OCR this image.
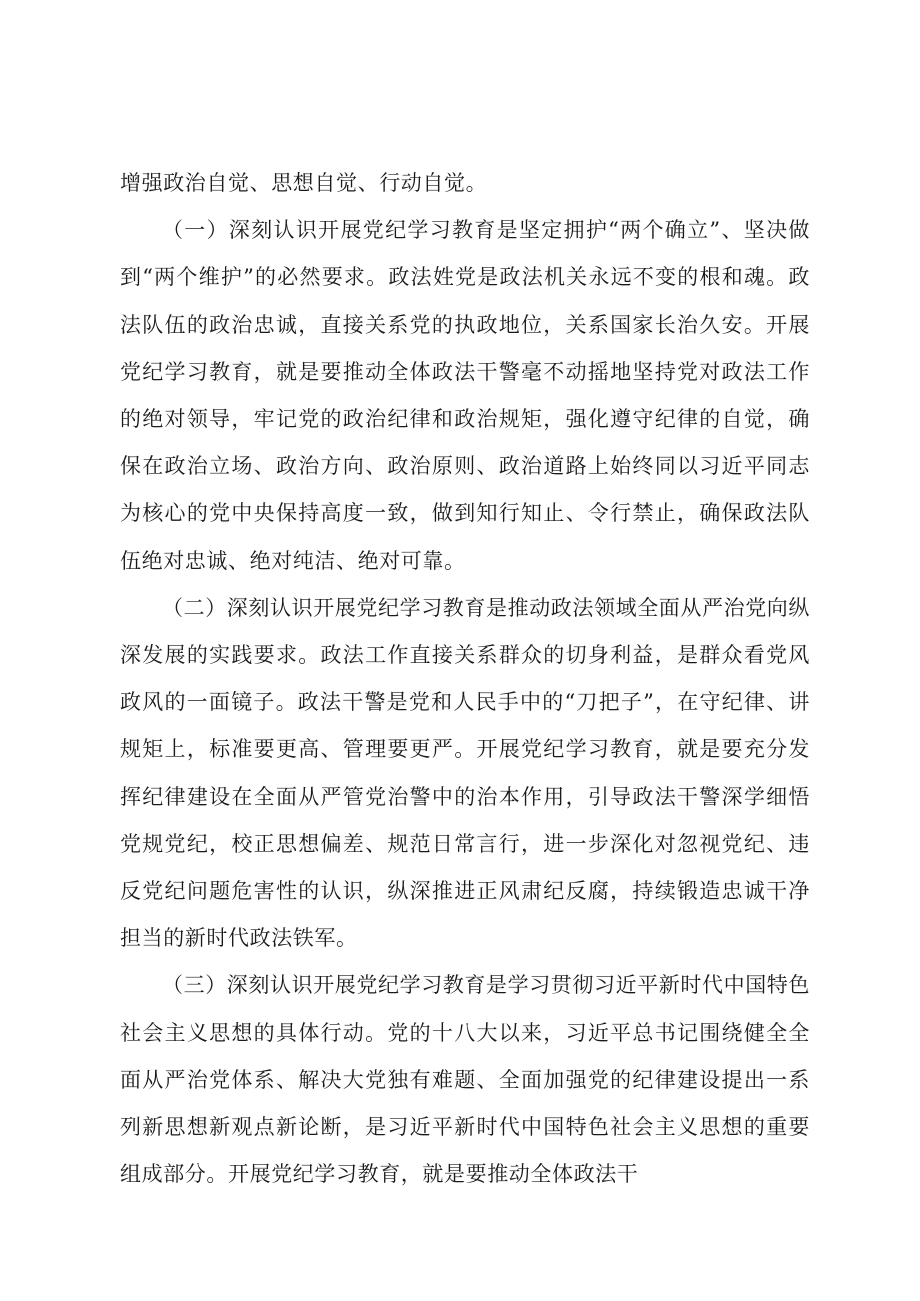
增强政治自觉、思想自觉、行动自觉。

（一）深刻认识开展党纪学习教育是坚定拥护“两个确立”、坚决做到“两个维护”的必然要求。政法姓党是政法机关永远不变的根和魂。政法队伍的政治忠诚，直接关系党的执政地位，关系国家长治久安。开展党纪学习教育，就是要推动全体政法干警毫不动摇地坚持党对政法工作的绝对领导，牢记党的政治纪律和政治规矩，强化遵守纪律的自觉，确保在政治立场、政治方向、政治原则、政治道路上始终同以习近平同志为核心的党中央保持高度一致，做到知行知止、令行禁止，确保政法队伍绝对忠诚、绝对纯洁、绝对可靠。

（二）深刻认识开展党纪学习教育是推动政法领域全面从严治党向纵深发展的实践要求。政法工作直接关系群众的切身利益，是群众看党风政风的一面镜子。政法干警是党和人民手中的“刀把子”，在守纪律、讲规矩上，标准要更高、管理要更严。开展党纪学习教育，就是要充分发挥纪律建设在全面从严管党治警中的治本作用，引导政法干警深学细悟党规党纪，校正思想偏差、规范日常言行，进一步深化对忽视党纪、违反党纪问题危害性的认识，纵深推进正风肃纪反腐，持续锻造忠诚干净担当的新时代政法铁军。

（三）深刻认识开展党纪学习教育是学习贯彻习近平新时代中国特色社会主义思想的具体行动。党的十八大以来，习近平总书记围绕健全全面从严治党体系、解决大党独有难题、全面加强党的纪律建设提出一系列新思想新观点新论断，是习近平新时代中国特色社会主义思想的重要组成部分。开展党纪学习教育，就是要推动全体政法干
